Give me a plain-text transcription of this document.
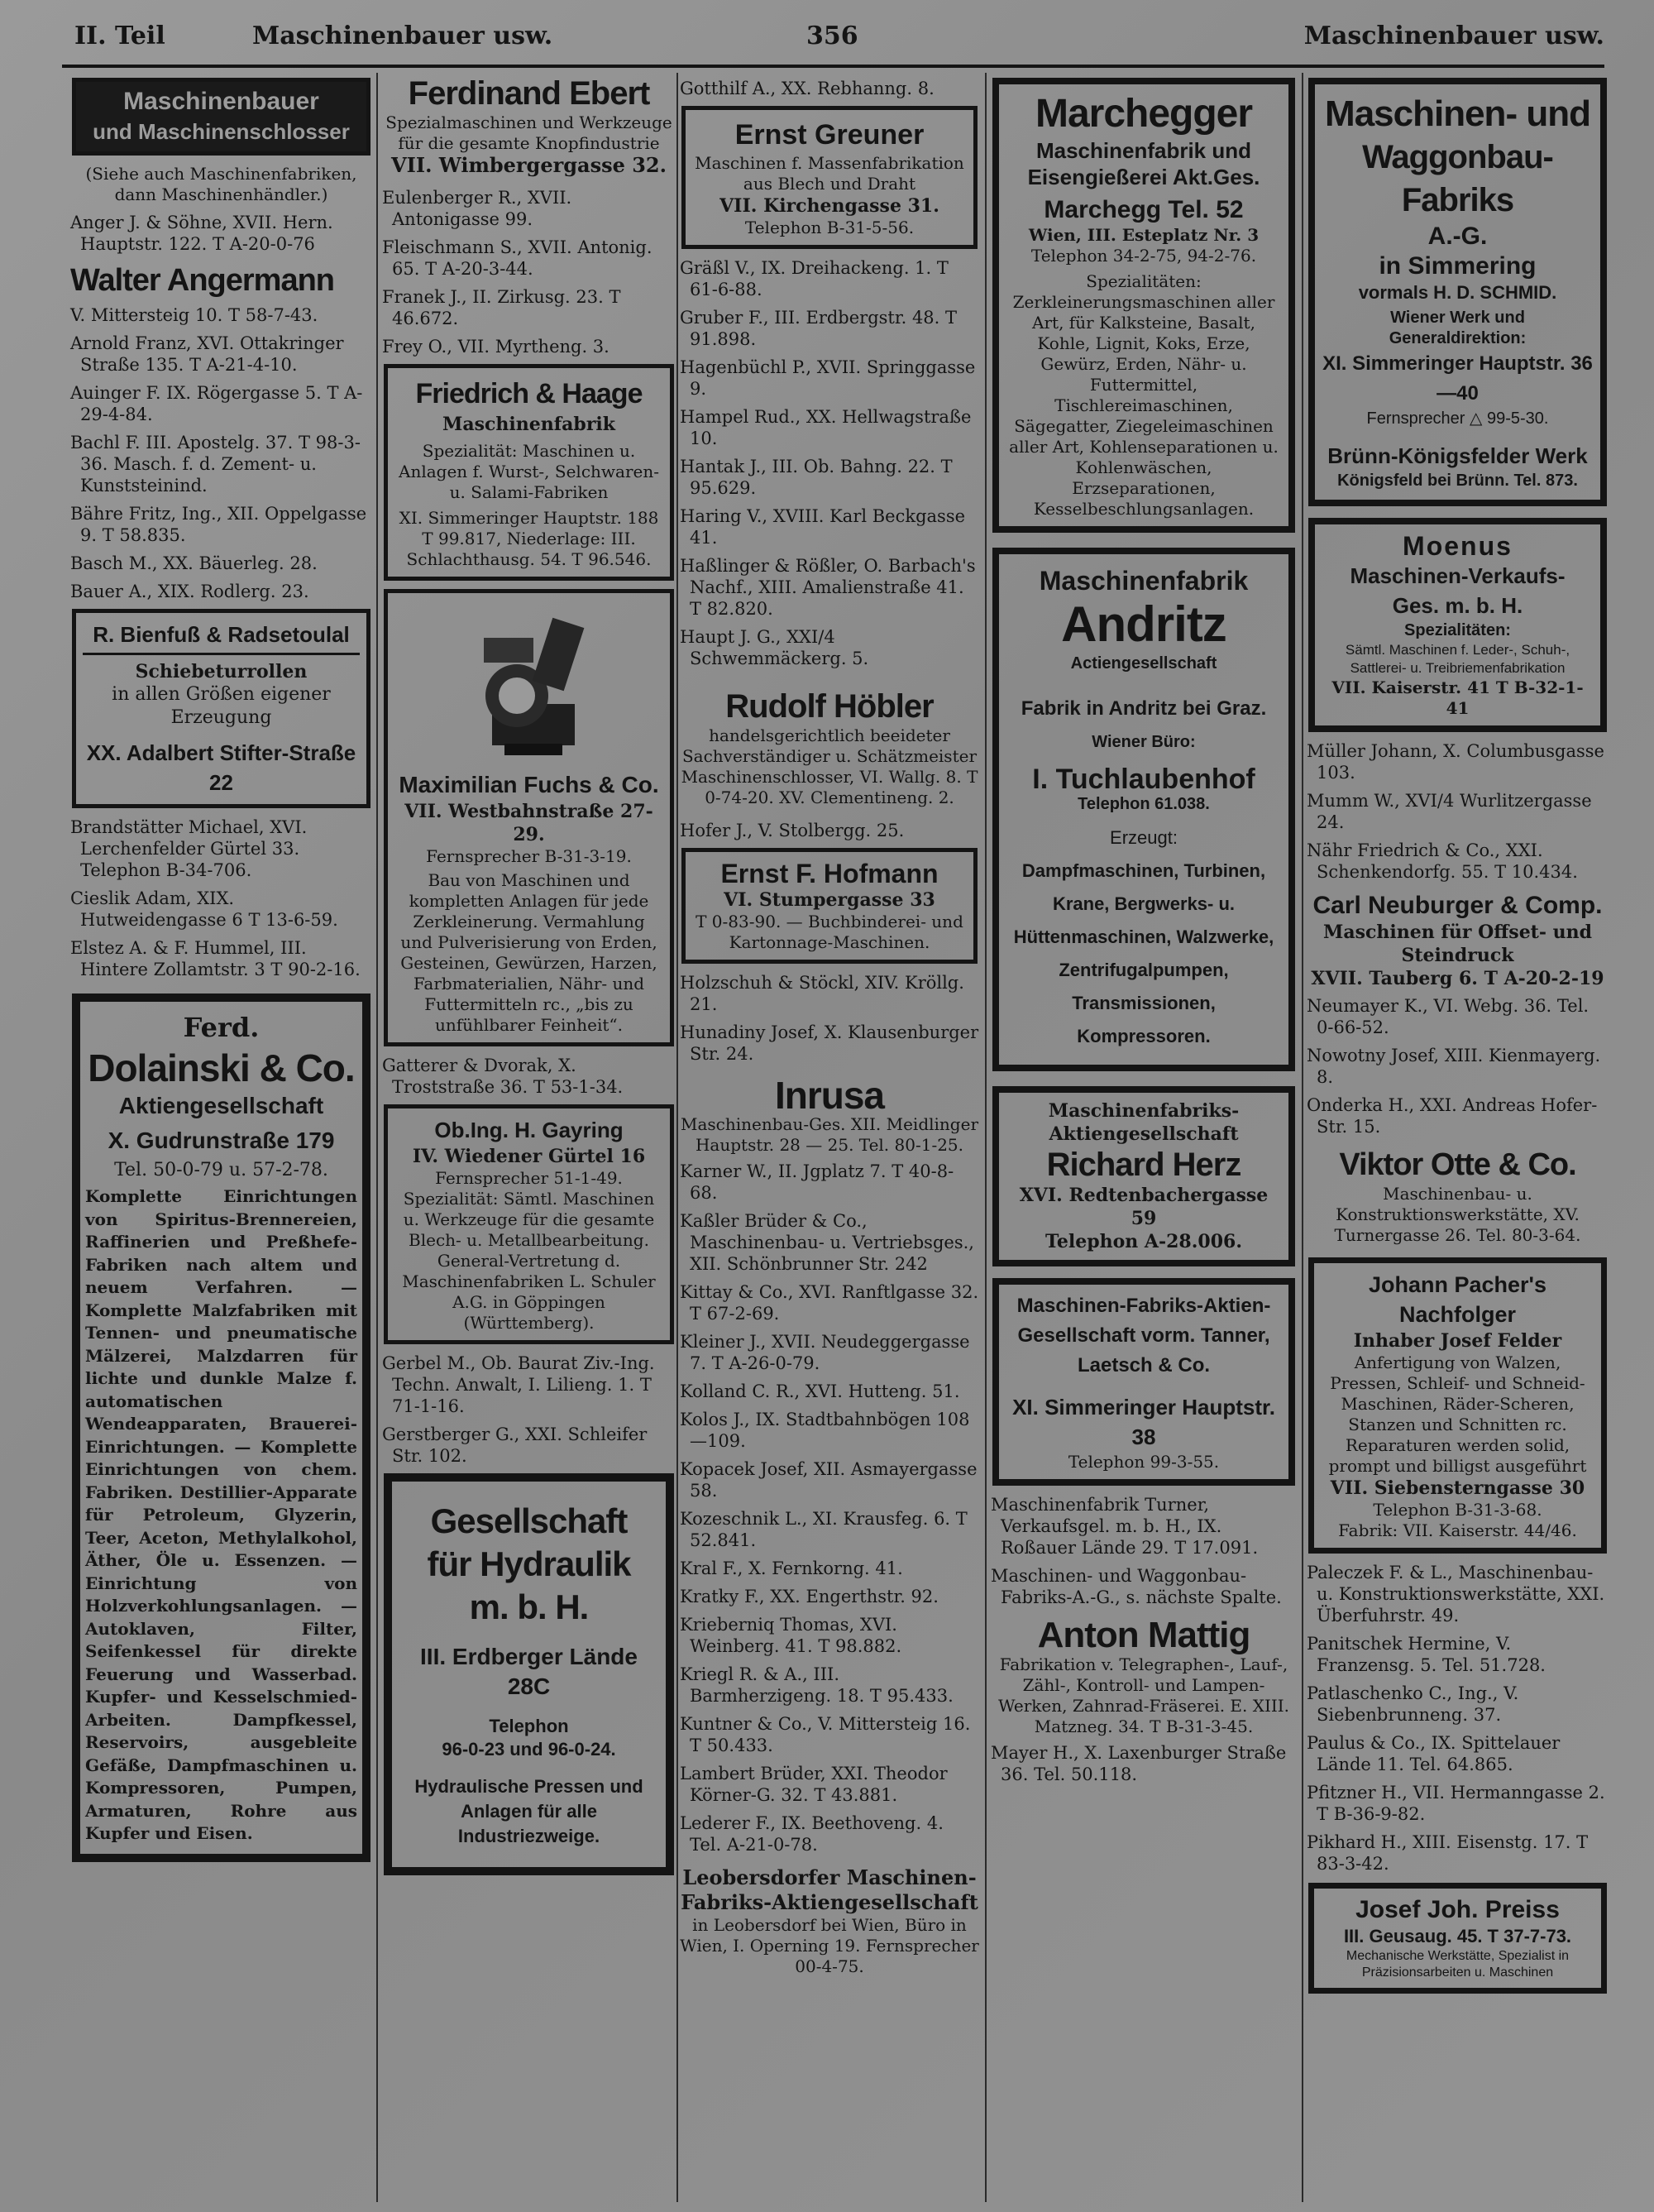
II. Teil	Maschinenbauer usw.	356	Maschinenbauer usw.
Maschinenbauer
und Maschinenschlosser
(Siehe auch Maschinenfabriken, dann Maschinenhändler.)
Anger J. & Söhne, XVII. Hern. Hauptstr. 122. T A-20-0-76
Walter Angermann
V. Mittersteig 10. T 58-7-43.
Arnold Franz, XVI. Ottakringer Straße 135. T A-21-4-10.
Auinger F. IX. Rögergasse 5. T A-29-4-84.
Bachl F. III. Apostelg. 37. T 98-3-36. Masch. f. d. Zement- u. Kunststeinind.
Bähre Fritz, Ing., XII. Oppelgasse 9. T 58.835.
Basch M., XX. Bäuerleg. 28.
Bauer A., XIX. Rodlerg. 23.
R. Bienfuß & Radsetoulal
Schiebeturrollen
in allen Größen eigener Erzeugung
XX. Adalbert Stifter-Straße 22
Brandstätter Michael, XVI. Lerchenfelder Gürtel 33. Telephon B-34-706.
Cieslik Adam, XIX. Hutweidengasse 6 T 13-6-59.
Elstez A. & F. Hummel, III. Hintere Zollamtstr. 3 T 90-2-16.
Ferd.
Dolainski & Co.
Aktiengesellschaft
X. Gudrunstraße 179
Tel. 50-0-79 u. 57-2-78.
Komplette Einrichtungen von Spiritus-Brennereien, Raffinerien und Preßhefe-Fabriken nach altem und neuem Verfahren. — Komplette Malzfabriken mit Tennen- und pneumatische Mälzerei, Malzdarren für lichte und dunkle Malze f. automatischen Wendeapparaten, Brauerei-Einrichtungen. — Komplette Einrichtungen von chem. Fabriken. Destillier-Apparate für Petroleum, Glyzerin, Teer, Aceton, Methylalkohol, Äther, Öle u. Essenzen. — Einrichtung von Holzverkohlungsanlagen. — Autoklaven, Filter, Seifenkessel für direkte Feuerung und Wasserbad. Kupfer- und Kesselschmied-Arbeiten. Dampfkessel, Reservoirs, ausgebleite Gefäße, Dampfmaschinen u. Kompressoren, Pumpen, Armaturen, Rohre aus Kupfer und Eisen.
Ferdinand Ebert
Spezialmaschinen und Werkzeuge für die gesamte Knopfindustrie
VII. Wimbergergasse 32.
Eulenberger R., XVII. Antonigasse 99.
Fleischmann S., XVII. Antonig. 65. T A-20-3-44.
Franek J., II. Zirkusg. 23. T 46.672.
Frey O., VII. Myrtheng. 3.
Friedrich & Haage
Maschinenfabrik
Spezialität: Maschinen u. Anlagen f. Wurst-, Selchwaren- u. Salami-Fabriken
XI. Simmeringer Hauptstr. 188
T 99.817, Niederlage: III. Schlachthausg. 54. T 96.546.
Maximilian Fuchs & Co.
VII. Westbahnstraße 27-29.
Fernsprecher B-31-3-19.
Bau von Maschinen und kompletten Anlagen für jede Zerkleinerung. Vermahlung und Pulverisierung von Erden, Gesteinen, Gewürzen, Harzen, Farbmaterialien, Nähr- und Futtermitteln rc., „bis zu unfühlbarer Feinheit“.
Gatterer & Dvorak, X. Troststraße 36. T 53-1-34.
Ob.Ing. H. Gayring
IV. Wiedener Gürtel 16
Fernsprecher 51-1-49.
Spezialität: Sämtl. Maschinen u. Werkzeuge für die gesamte Blech- u. Metallbearbeitung. General-Vertretung d. Maschinenfabriken L. Schuler A.G. in Göppingen (Württemberg).
Gerbel M., Ob. Baurat Ziv.-Ing. Techn. Anwalt, I. Lilieng. 1. T 71-1-16.
Gerstberger G., XXI. Schleifer Str. 102.
Gesellschaft
für Hydraulik
m. b. H.
III. Erdberger Lände 28C
Telephon
96-0-23 und 96-0-24.
Hydraulische Pressen und Anlagen für alle Industriezweige.
Gotthilf A., XX. Rebhanng. 8.
Ernst Greuner
Maschinen f. Massenfabrikation aus Blech und Draht
VII. Kirchengasse 31.
Telephon B-31-5-56.
Gräßl V., IX. Dreihackeng. 1. T 61-6-88.
Gruber F., III. Erdbergstr. 48. T 91.898.
Hagenbüchl P., XVII. Springgasse 9.
Hampel Rud., XX. Hellwagstraße 10.
Hantak J., III. Ob. Bahng. 22. T 95.629.
Haring V., XVIII. Karl Beckgasse 41.
Haßlinger & Rößler, O. Barbach's Nachf., XIII. Amalienstraße 41. T 82.820.
Haupt J. G., XXI/4 Schwemmäckerg. 5.
Rudolf Höbler
handelsgerichtlich beeideter Sachverständiger u. Schätzmeister Maschinenschlosser, VI. Wallg. 8. T 0-74-20. XV. Clementineng. 2.
Hofer J., V. Stolbergg. 25.
Ernst F. Hofmann
VI. Stumpergasse 33
T 0-83-90. — Buchbinderei- und Kartonnage-Maschinen.
Holzschuh & Stöckl, XIV. Kröllg. 21.
Hunadiny Josef, X. Klausenburger Str. 24.
Inrusa
Maschinenbau-Ges. XII. Meidlinger Hauptstr. 28 — 25. Tel. 80-1-25.
Karner W., II. Jgplatz 7. T 40-8-68.
Kaßler Brüder & Co., Maschinenbau- u. Vertriebsges., XII. Schönbrunner Str. 242
Kittay & Co., XVI. Ranftlgasse 32. T 67-2-69.
Kleiner J., XVII. Neudeggergasse 7. T A-26-0-79.
Kolland C. R., XVI. Hutteng. 51.
Kolos J., IX. Stadtbahnbögen 108—109.
Kopacek Josef, XII. Asmayergasse 58.
Kozeschnik L., XI. Krausfeg. 6. T 52.841.
Kral F., X. Fernkorng. 41.
Kratky F., XX. Engerthstr. 92.
Krieberniq Thomas, XVI. Weinberg. 41. T 98.882.
Kriegl R. & A., III. Barmherzigeng. 18. T 95.433.
Kuntner & Co., V. Mittersteig 16. T 50.433.
Lambert Brüder, XXI. Theodor Körner-G. 32. T 43.881.
Lederer F., IX. Beethoveng. 4. Tel. A-21-0-78.
Leobersdorfer Maschinen-Fabriks-Aktiengesellschaft
in Leobersdorf bei Wien, Büro in Wien, I. Operning 19. Fernsprecher 00-4-75.
Marchegger
Maschinenfabrik und Eisengießerei Akt.Ges.
Marchegg Tel. 52
Wien, III. Esteplatz Nr. 3
Telephon 34-2-75, 94-2-76.
Spezialitäten: Zerkleinerungsmaschinen aller Art, für Kalksteine, Basalt, Kohle, Lignit, Koks, Erze, Gewürz, Erden, Nähr- u. Futtermittel, Tischlereimaschinen, Sägegatter, Ziegeleimaschinen aller Art, Kohlenseparationen u. Kohlenwäschen, Erzseparationen, Kesselbeschlungsanlagen.
Maschinenfabrik
Andritz
Actiengesellschaft
Fabrik in Andritz bei Graz.
Wiener Büro:
I. Tuchlaubenhof
Telephon 61.038.
Erzeugt:
Dampfmaschinen, Turbinen, Krane, Bergwerks- u. Hüttenmaschinen, Walzwerke, Zentrifugalpumpen, Transmissionen, Kompressoren.
Maschinenfabriks-Aktiengesellschaft
Richard Herz
XVI. Redtenbachergasse 59
Telephon A-28.006.
Maschinen-Fabriks-Aktien-
Gesellschaft vorm. Tanner,
Laetsch & Co.
XI. Simmeringer Hauptstr. 38
Telephon 99-3-55.
Maschinenfabrik Turner, Verkaufsgel. m. b. H., IX. Roßauer Lände 29. T 17.091.
Maschinen- und Waggonbau-Fabriks-A.-G., s. nächste Spalte.
Anton Mattig
Fabrikation v. Telegraphen-, Lauf-, Zähl-, Kontroll- und Lampen-Werken, Zahnrad-Fräserei. E. XIII. Matzneg. 34. T B-31-3-45.
Mayer H., X. Laxenburger Straße 36. Tel. 50.118.
Maschinen- und
Waggonbau-Fabriks
A.-G.
in Simmering
vormals H. D. SCHMID.
Wiener Werk und Generaldirektion:
XI. Simmeringer Hauptstr. 36—40
Fernsprecher △ 99-5-30.
Brünn-Königsfelder Werk
Königsfeld bei Brünn. Tel. 873.
Moenus
Maschinen-Verkaufs-
Ges. m. b. H.
Spezialitäten:
Sämtl. Maschinen f. Leder-, Schuh-, Sattlerei- u. Treibriemenfabrikation
VII. Kaiserstr. 41 T B-32-1-41
Müller Johann, X. Columbusgasse 103.
Mumm W., XVI/4 Wurlitzergasse 24.
Nähr Friedrich & Co., XXI. Schenkendorfg. 55. T 10.434.
Carl Neuburger & Comp.
Maschinen für Offset- und Steindruck
XVII. Tauberg 6. T A-20-2-19
Neumayer K., VI. Webg. 36. Tel. 0-66-52.
Nowotny Josef, XIII. Kienmayerg. 8.
Onderka H., XXI. Andreas Hofer-Str. 15.
Viktor Otte & Co.
Maschinenbau- u. Konstruktionswerkstätte, XV. Turnergasse 26. Tel. 80-3-64.
Johann Pacher's Nachfolger
Inhaber Josef Felder
Anfertigung von Walzen, Pressen, Schleif- und Schneid-Maschinen, Räder-Scheren, Stanzen und Schnitten rc. Reparaturen werden solid, prompt und billigst ausgeführt
VII. Siebensterngasse 30
Telephon B-31-3-68.
Fabrik: VII. Kaiserstr. 44/46.
Paleczek F. & L., Maschinenbau- u. Konstruktionswerkstätte, XXI. Überfuhrstr. 49.
Panitschek Hermine, V. Franzensg. 5. Tel. 51.728.
Patlaschenko C., Ing., V. Siebenbrunneng. 37.
Paulus & Co., IX. Spittelauer Lände 11. Tel. 64.865.
Pfitzner H., VII. Hermanngasse 2. T B-36-9-82.
Pikhard H., XIII. Eisenstg. 17. T 83-3-42.
Josef Joh. Preiss
III. Geusaug. 45. T 37-7-73.
Mechanische Werkstätte, Spezialist in Präzisionsarbeiten u. Maschinen
